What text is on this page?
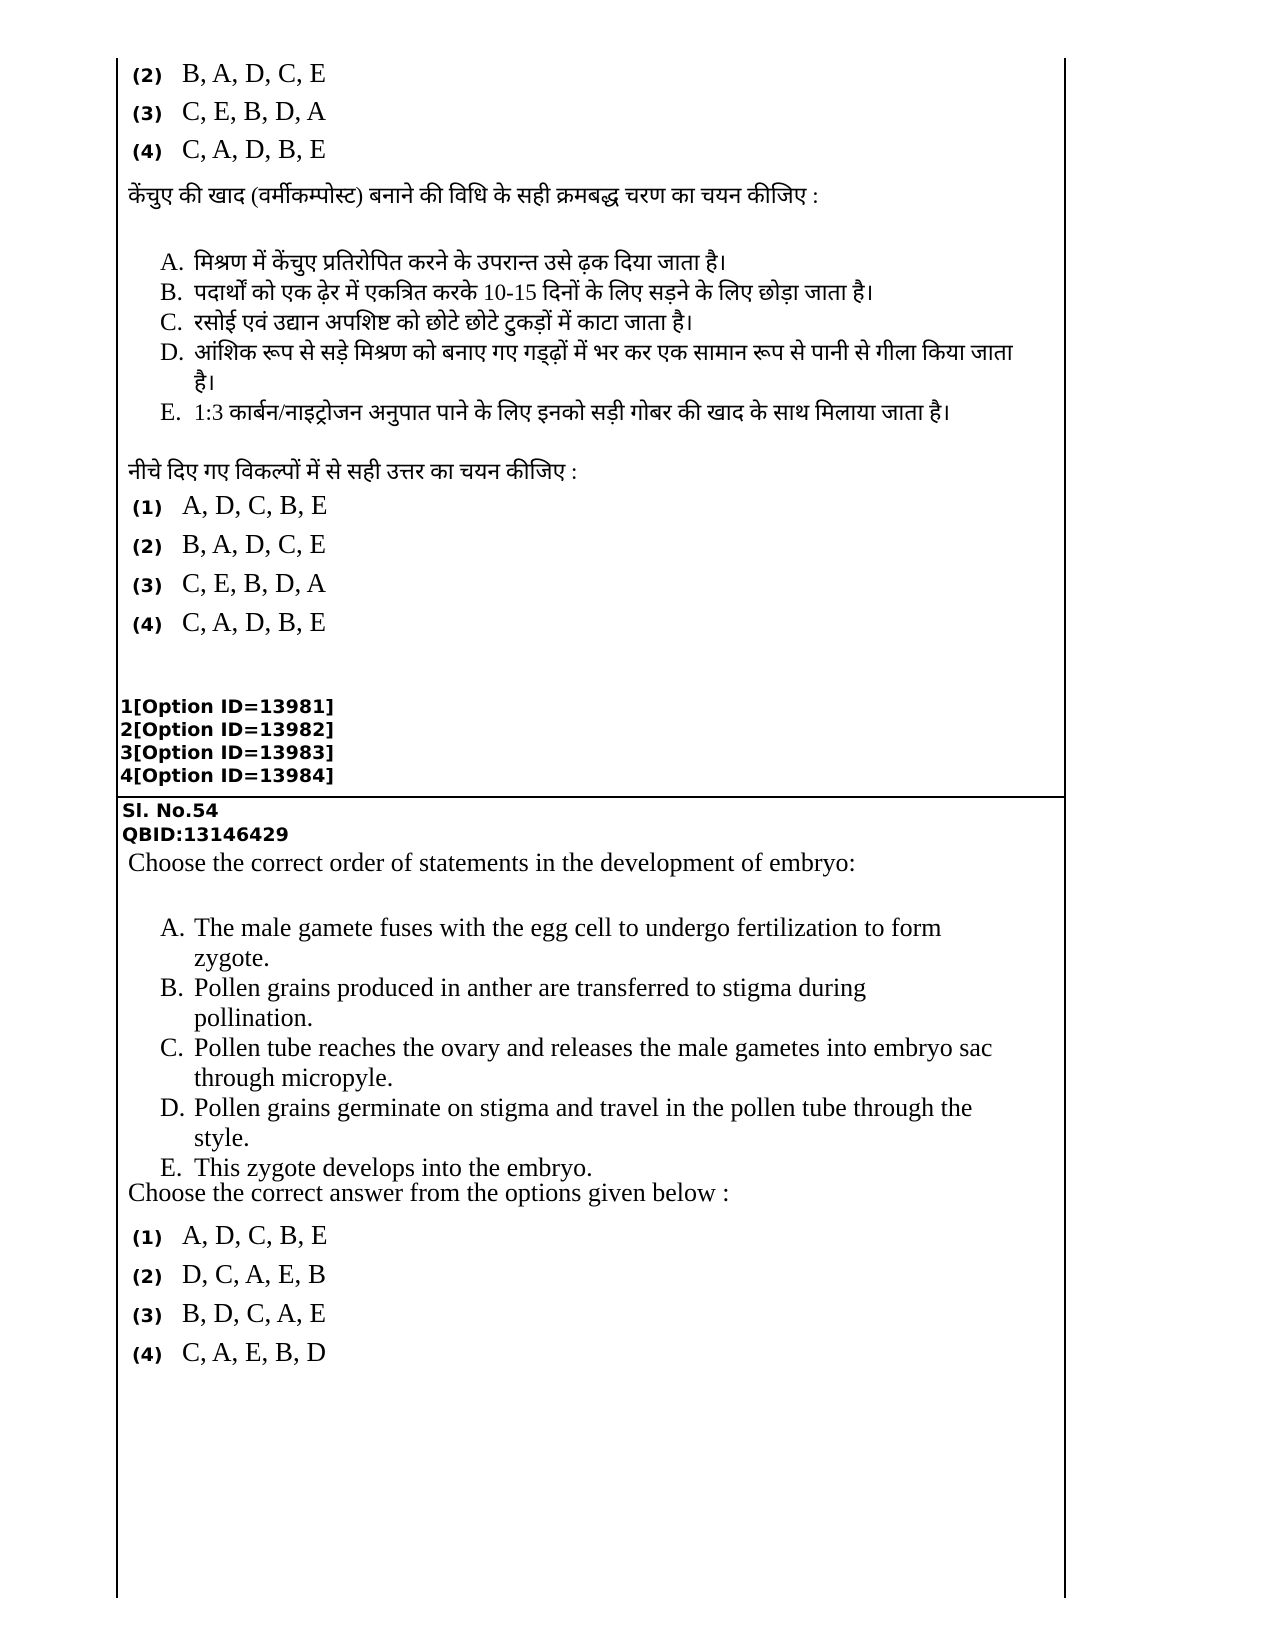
(2) B, A, D, C, E
(3) C, E, B, D, A
(4) C, A, D, B, E
केंचुए की खाद (वर्मीकम्पोस्ट) बनाने की विधि के सही क्रमबद्ध चरण का चयन कीजिए :
A. मिश्रण में केंचुए प्रतिरोपित करने के उपरान्त उसे ढ़क दिया जाता है।
B. पदार्थों को एक ढ़ेर में एकत्रित करके 10-15 दिनों के लिए सड़ने के लिए छोड़ा जाता है।
C. रसोई एवं उद्यान अपशिष्ट को छोटे छोटे टुकड़ों में काटा जाता है।
D. आंशिक रूप से सड़े मिश्रण को बनाए गए गड्ढ़ों में भर कर एक सामान रूप से पानी से गीला किया जाता है।
E. 1:3 कार्बन/नाइट्रोजन अनुपात पाने के लिए इनको सड़ी गोबर की खाद के साथ मिलाया जाता है।
नीचे दिए गए विकल्पों में से सही उत्तर का चयन कीजिए :
(1) A, D, C, B, E
(2) B, A, D, C, E
(3) C, E, B, D, A
(4) C, A, D, B, E
1[Option ID=13981]
2[Option ID=13982]
3[Option ID=13983]
4[Option ID=13984]
Sl. No.54
QBID:13146429
Choose the correct order of statements in the development of embryo:
A. The male gamete fuses with the egg cell to undergo fertilization to form zygote.
B. Pollen grains produced in anther are transferred to stigma during pollination.
C. Pollen tube reaches the ovary and releases the male gametes into embryo sac through micropyle.
D. Pollen grains germinate on stigma and travel in the pollen tube through the style.
E. This zygote develops into the embryo.
Choose the correct answer from the options given below :
(1) A, D, C, B, E
(2) D, C, A, E, B
(3) B, D, C, A, E
(4) C, A, E, B, D
